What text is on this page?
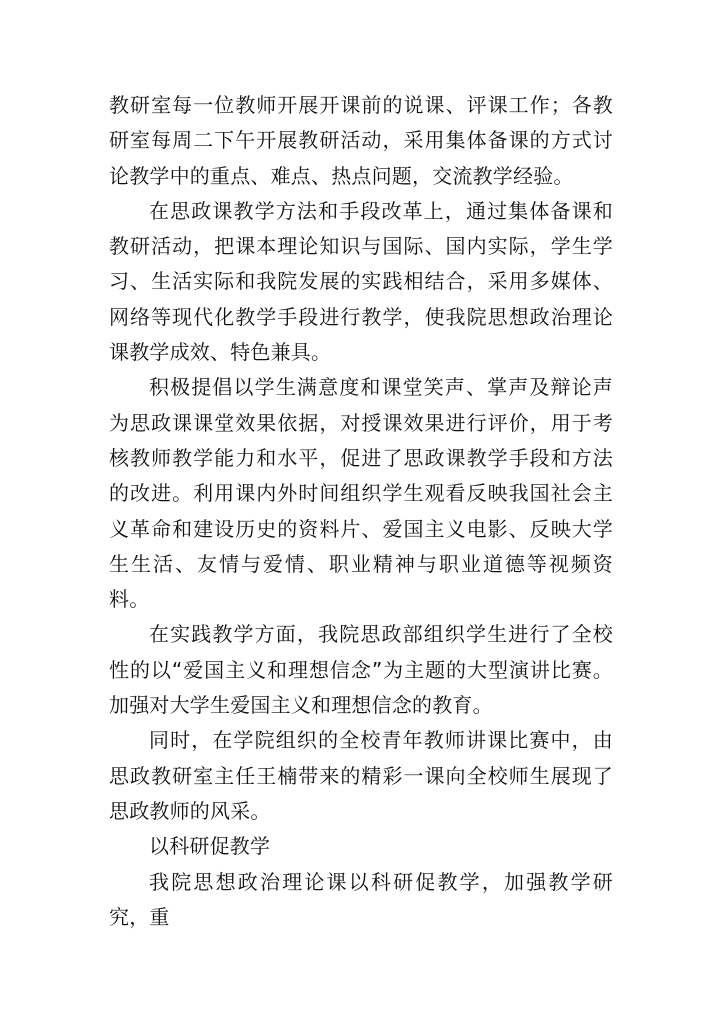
教研室每一位教师开展开课前的说课、评课工作；各教研室每周二下午开展教研活动，采用集体备课的方式讨论教学中的重点、难点、热点问题，交流教学经验。

在思政课教学方法和手段改革上，通过集体备课和教研活动，把课本理论知识与国际、国内实际，学生学习、生活实际和我院发展的实践相结合，采用多媒体、网络等现代化教学手段进行教学，使我院思想政治理论课教学成效、特色兼具。

积极提倡以学生满意度和课堂笑声、掌声及辩论声为思政课课堂效果依据，对授课效果进行评价，用于考核教师教学能力和水平，促进了思政课教学手段和方法的改进。利用课内外时间组织学生观看反映我国社会主义革命和建设历史的资料片、爱国主义电影、反映大学生生活、友情与爱情、职业精神与职业道德等视频资料。

在实践教学方面，我院思政部组织学生进行了全校性的以“爱国主义和理想信念”为主题的大型演讲比赛。加强对大学生爱国主义和理想信念的教育。

同时，在学院组织的全校青年教师讲课比赛中，由思政教研室主任王楠带来的精彩一课向全校师生展现了思政教师的风采。

以科研促教学

我院思想政治理论课以科研促教学，加强教学研究，重
